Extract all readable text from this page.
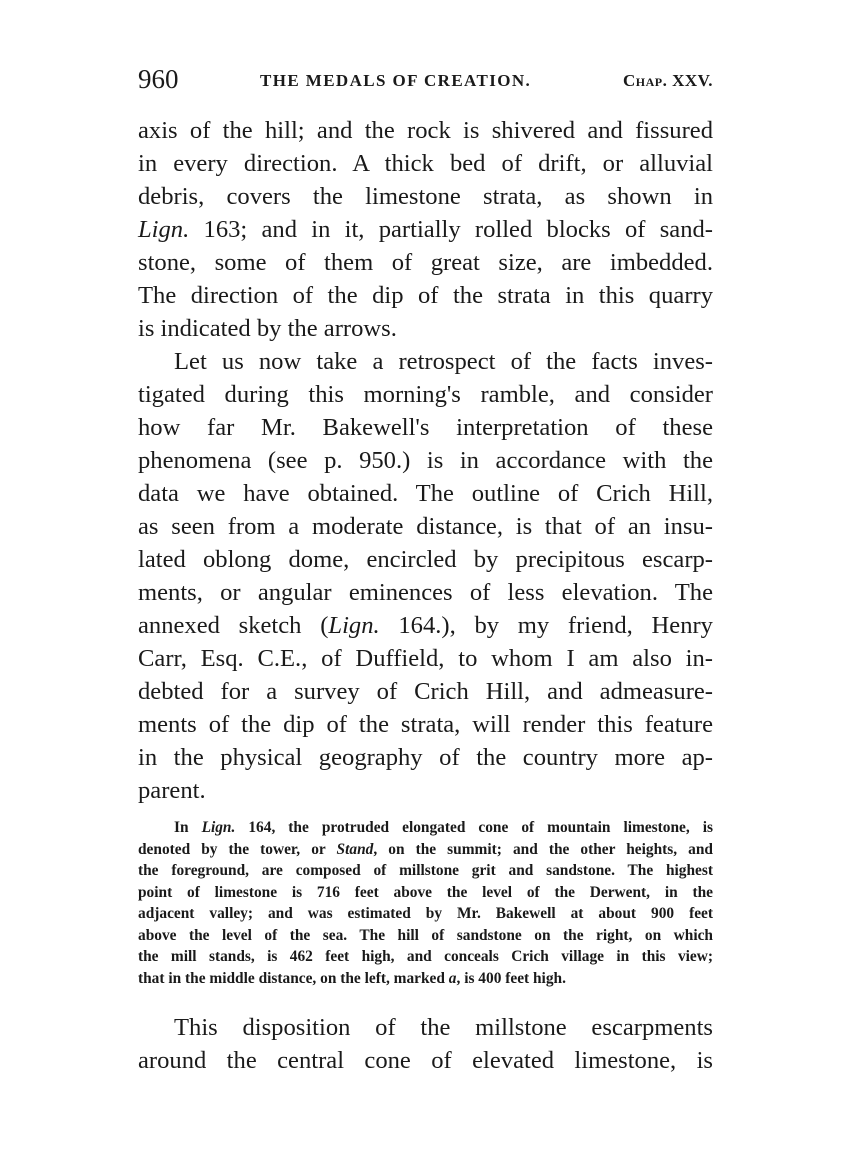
960	THE MEDALS OF CREATION.	Chap. XXV.
axis of the hill; and the rock is shivered and fissured
in every direction. A thick bed of drift, or alluvial
debris, covers the limestone strata, as shown in
Lign. 163; and in it, partially rolled blocks of sand-
stone, some of them of great size, are imbedded.
The direction of the dip of the strata in this quarry
is indicated by the arrows.
Let us now take a retrospect of the facts inves-
tigated during this morning's ramble, and consider
how far Mr. Bakewell's interpretation of these
phenomena (see p. 950.) is in accordance with the
data we have obtained. The outline of Crich Hill,
as seen from a moderate distance, is that of an insu-
lated oblong dome, encircled by precipitous escarp-
ments, or angular eminences of less elevation. The
annexed sketch (Lign. 164.), by my friend, Henry
Carr, Esq. C.E., of Duffield, to whom I am also in-
debted for a survey of Crich Hill, and admeasure-
ments of the dip of the strata, will render this feature
in the physical geography of the country more ap-
parent.
In Lign. 164, the protruded elongated cone of mountain limestone, is
denoted by the tower, or Stand, on the summit; and the other heights, and
the foreground, are composed of millstone grit and sandstone. The highest
point of limestone is 716 feet above the level of the Derwent, in the
adjacent valley; and was estimated by Mr. Bakewell at about 900 feet
above the level of the sea. The hill of sandstone on the right, on which
the mill stands, is 462 feet high, and conceals Crich village in this view;
that in the middle distance, on the left, marked a, is 400 feet high.
This disposition of the millstone escarpments
around the central cone of elevated limestone, is
